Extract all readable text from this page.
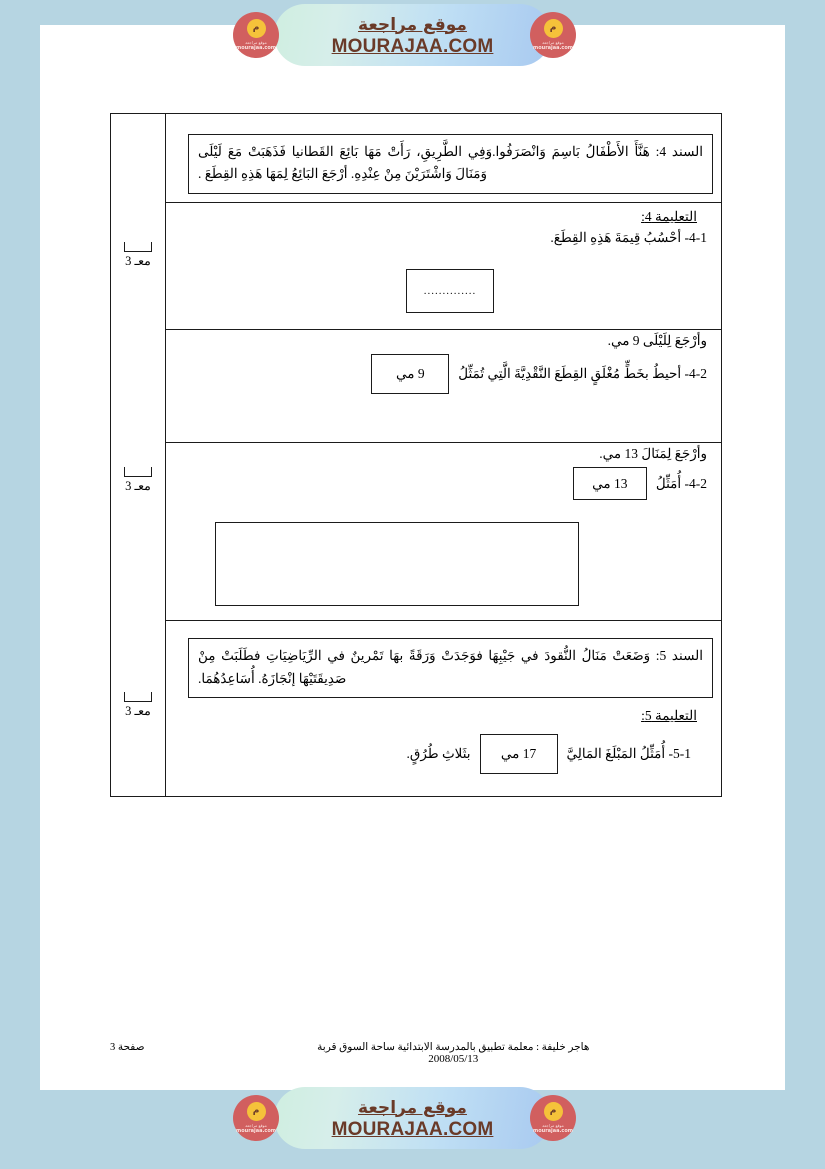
السند 4: هَنَّأَ الأَطْفَالُ بَاسِمَ وَانْصَرَفُوا.وَفِي الطَّرِيقِ، رَأَتْ مَهَا بَائِعَ القَطانيا فَذَهَبَتْ مَعَ لَيْلَى وَمَنَالَ وَاشْتَرَيْنَ مِنْ عِنْدِهِ. أرْجَعَ البَائِعُ لِمَهَا هَذِهِ القِطَعَ .

معـ 3
معـ 3
معـ 3

التعليمة 4:
4-1- أحْسُبُ قِيمَةَ هَذِهِ القِطَعَ.
..............

وأرْجَعَ لِلَيْلَى 9 مي.
4-2- أحيطُ بخَطٍّ مُغْلَقٍ القِطَعَ النَّقْدِيَّةَ الَّتِي تُمَثِّلُ
9 مي

وأرْجَعَ لِمَنَالَ 13 مي.
4-2- أُمَثِّلُ
13 مي

السند 5: وَضَعَتْ مَنَالُ النُّقودَ في جَيْبِهَا فوَجَدَتْ وَرَقَةً بهَا تَمْرينٌ في الرِّيَاضِيَاتِ فطَلَبَتْ مِنْ صَدِيقَتَيْهَا إنْجَازَهُ. أُسَاعِدُهُمَا.
التعليمة 5:
5-1- أُمَثِّلُ المَبْلَغَ المَالِيَّ
17 مي
بثَلاثِ طُرُقٍ.
هاجر خليفة : معلمة تطبيق بالمدرسة الابتدائية ساحة السوق قربة
2008/05/13
صفحة 3
م
موقع مراجعة
mourajaa.com
موقع مراجعة
MOURAJAA.COM
م
موقع مراجعة
mourajaa.com
م
موقع مراجعة
mourajaa.com
موقع مراجعة
MOURAJAA.COM
م
موقع مراجعة
mourajaa.com
